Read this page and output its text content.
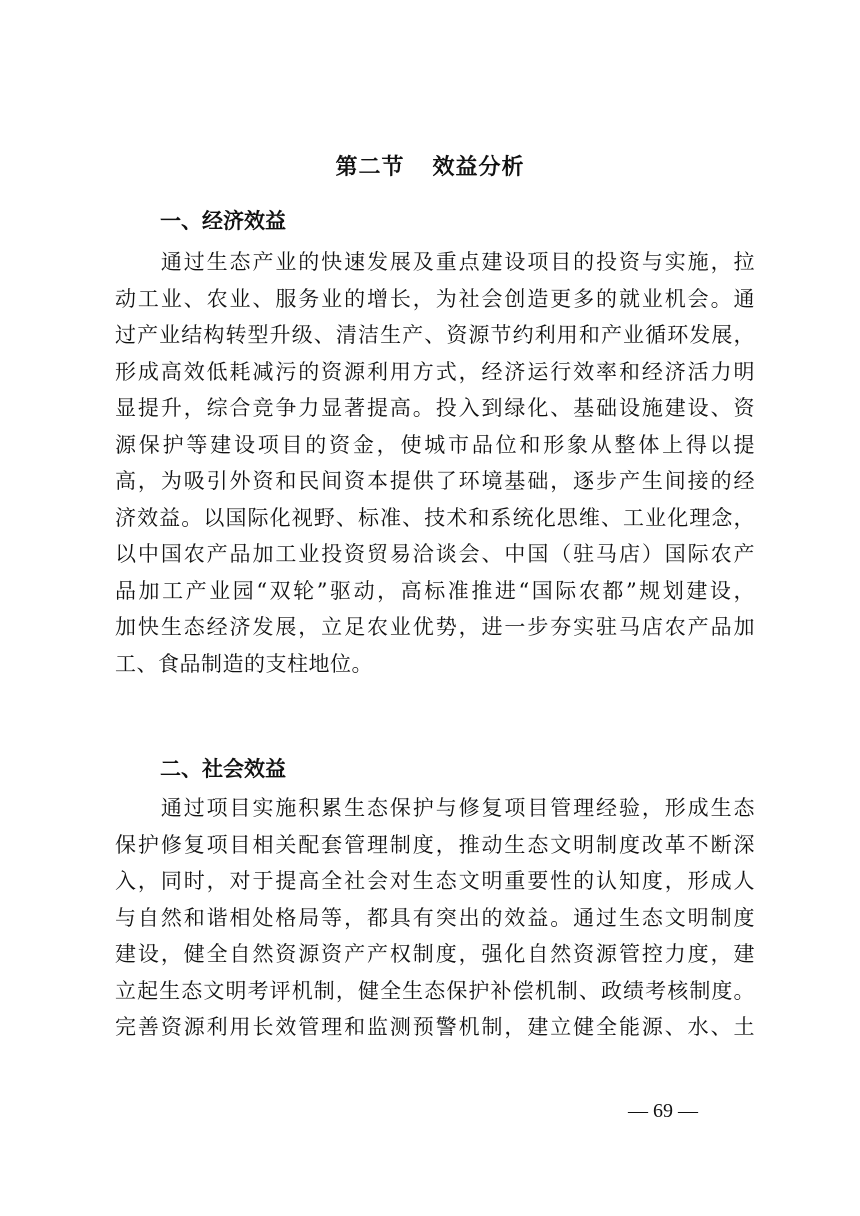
第二节 效益分析
一、经济效益
　　通过生态产业的快速发展及重点建设项目的投资与实施，拉
动工业、农业、服务业的增长，为社会创造更多的就业机会。通
过产业结构转型升级、清洁生产、资源节约利用和产业循环发展，
形成高效低耗减污的资源利用方式，经济运行效率和经济活力明
显提升，综合竞争力显著提高。投入到绿化、基础设施建设、资
源保护等建设项目的资金，使城市品位和形象从整体上得以提
高，为吸引外资和民间资本提供了环境基础，逐步产生间接的经
济效益。以国际化视野、标准、技术和系统化思维、工业化理念，
以中国农产品加工业投资贸易洽谈会、中国（驻马店）国际农产
品加工产业园“双轮”驱动，高标准推进“国际农都”规划建设，
加快生态经济发展，立足农业优势，进一步夯实驻马店农产品加
工、食品制造的支柱地位。
二、社会效益
　　通过项目实施积累生态保护与修复项目管理经验，形成生态
保护修复项目相关配套管理制度，推动生态文明制度改革不断深
入，同时，对于提高全社会对生态文明重要性的认知度，形成人
与自然和谐相处格局等，都具有突出的效益。通过生态文明制度
建设，健全自然资源资产产权制度，强化自然资源管控力度，建
立起生态文明考评机制，健全生态保护补偿机制、政绩考核制度。
完善资源利用长效管理和监测预警机制，建立健全能源、水、土
— 69 —
